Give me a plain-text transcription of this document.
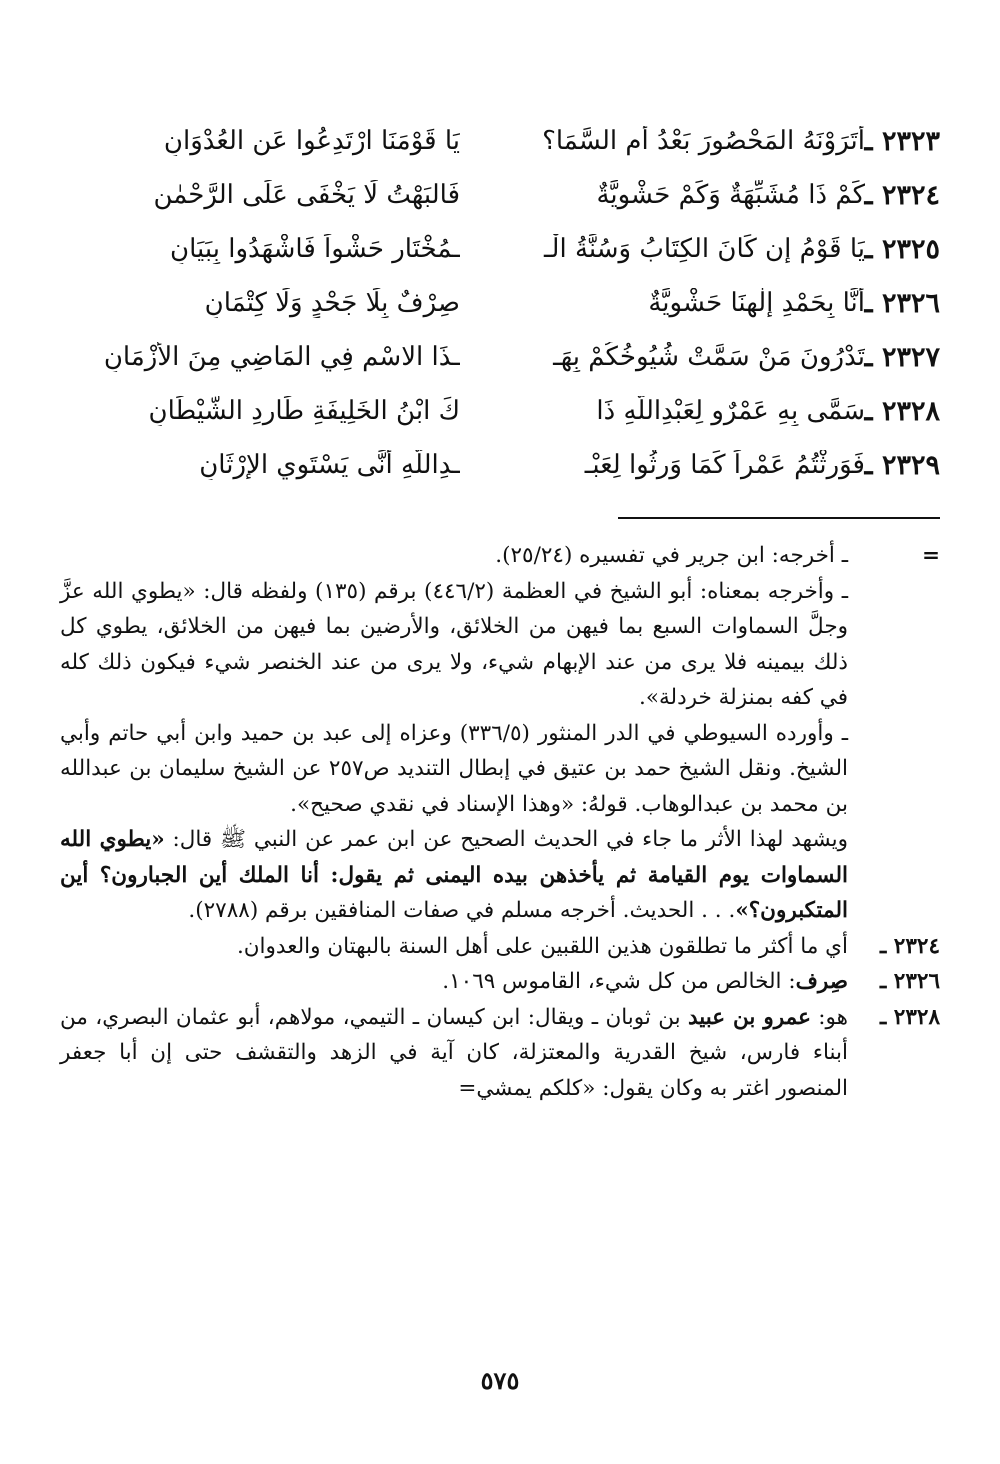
٢٣٢٣ ـ
أَتَرَوْنَهُ المَحْصُورَ بَعْدُ أَمِ السَّمَا؟
يَا قَوْمَنَا ارْتَدِعُوا عَنِ العُدْوَانِ
٢٣٢٤ ـ
كَمْ ذَا مُشَبِّهَةٌ وَكَمْ حَشْوِيَّةٌ
فَالبَهْتُ لَا يَخْفَى عَلَى الرَّحْمٰنِ
٢٣٢٥ ـ
يَا قَوْمُ إِن كَانَ الكِتَابُ وَسُنَّةُ الْـ
ـمُخْتَارِ حَشْواً فَاشْهَدُوا بِبَيَانِ
٢٣٢٦ ـ
أَنَّا بِحَمْدِ إِلٰهِنَا حَشْوِيَّةٌ
صِرْفٌ بِلَا جَحْدٍ وَلَا كِتْمَانِ
٢٣٢٧ ـ
تَدْرُونَ مَنْ سَمَّتْ شُيُوخُكُمْ بِهَـ
ـذَا الاسْمِ فِي المَاضِي مِنَ الأَزْمَانِ
٢٣٢٨ ـ
سَمَّى بِهِ عَمْرٌو لِعَبْدِاللَّهِ ذَا
كَ ابْنُ الخَلِيفَةِ طَارِدِ الشَّيْطَانِ
٢٣٢٩ ـ
فَوَرِثْتُمُ عَمْراً كَمَا وَرِثُوا لِعَبْـ
ـدِاللَّهِ أَنَّى يَسْتَوِي الإِرْثَانِ
=

ـ أخرجه: ابن جرير في تفسيره (٢٥/٢٤).

ـ وأخرجه بمعناه: أبو الشيخ في العظمة (٤٤٦/٢) برقم (١٣٥) ولفظه قال: «يطوي الله عزَّ وجلَّ السماوات السبع بما فيهن من الخلائق، والأرضين بما فيهن من الخلائق، يطوي كل ذلك بيمينه فلا يرى من عند الإبهام شيء، ولا يرى من عند الخنصر شيء فيكون ذلك كله في كفه بمنزلة خردلة».

ـ وأورده السيوطي في الدر المنثور (٣٣٦/٥) وعزاه إلى عبد بن حميد وابن أبي حاتم وأبي الشيخ. ونقل الشيخ حمد بن عتيق في إبطال التنديد ص٢٥٧ عن الشيخ سليمان بن عبدالله بن محمد بن عبدالوهاب. قولهُ: «وهذا الإسناد في نقدي صحيح».

ويشهد لهذا الأثر ما جاء في الحديث الصحيح عن ابن عمر عن النبي ﷺ قال: «يطوي الله السماوات يوم القيامة ثم يأخذهن بيده اليمنى ثم يقول: أنا الملك أين الجبارون؟ أين المتكبرون؟». . . الحديث. أخرجه مسلم في صفات المنافقين برقم (٢٧٨٨).

٢٣٢٤ ـ

أي ما أكثر ما تطلقون هذين اللقبين على أهل السنة بالبهتان والعدوان.

٢٣٢٦ ـ

صِرف: الخالص من كل شيء، القاموس ١٠٦٩.

٢٣٢٨ ـ

هو: عمرو بن عبيد بن ثوبان ـ ويقال: ابن كيسان ـ التيمي، مولاهم، أبو عثمان البصري، من أبناء فارس، شيخ القدرية والمعتزلة، كان آية في الزهد والتقشف حتى إن أبا جعفر المنصور اغتر به وكان يقول: «كلكم يمشي=

٥٧٥
